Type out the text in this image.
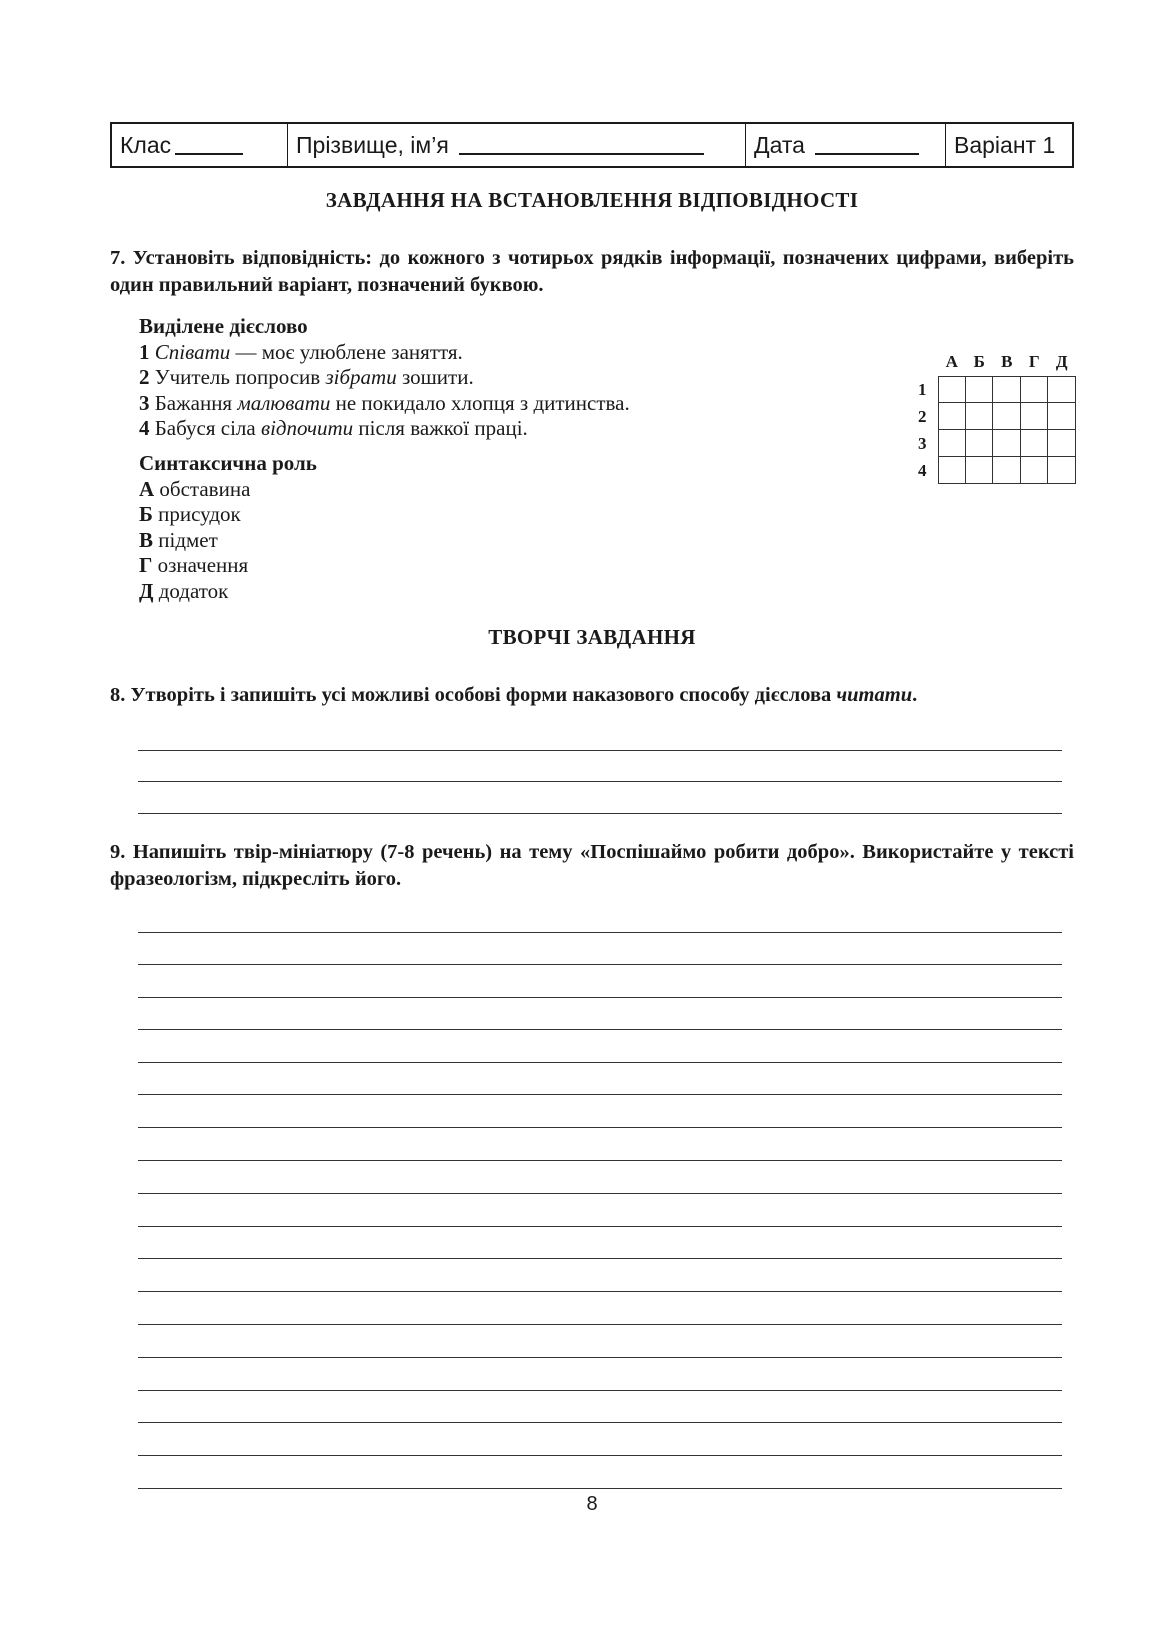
Клас	Прізвище, ім’я	Дата	Варіант 1
ЗАВДАННЯ НА ВСТАНОВЛЕННЯ ВІДПОВІДНОСТІ
7. Установіть відповідність: до кожного з чотирьох рядків інформації, позначених цифрами, виберіть один правильний варіант, позначений буквою.
Виділене дієслово
1 Співати — моє улюблене заняття.
2 Учитель попросив зібрати зошити.
3 Бажання малювати не покидало хлопця з дитинства.
4 Бабуся сіла відпочити після важкої праці.
Синтаксична роль
А обставина
Б присудок
В підмет
Г означення
Д додаток
А Б В Г Д
1
2
3
4
ТВОРЧІ ЗАВДАННЯ
8. Утворіть і запишіть усі можливі особові форми наказового способу дієслова читати.
9. Напишіть твір-мініатюру (7-8 речень) на тему «Поспішаймо робити добро». Використайте у тексті фразеологізм, підкресліть його.
8
